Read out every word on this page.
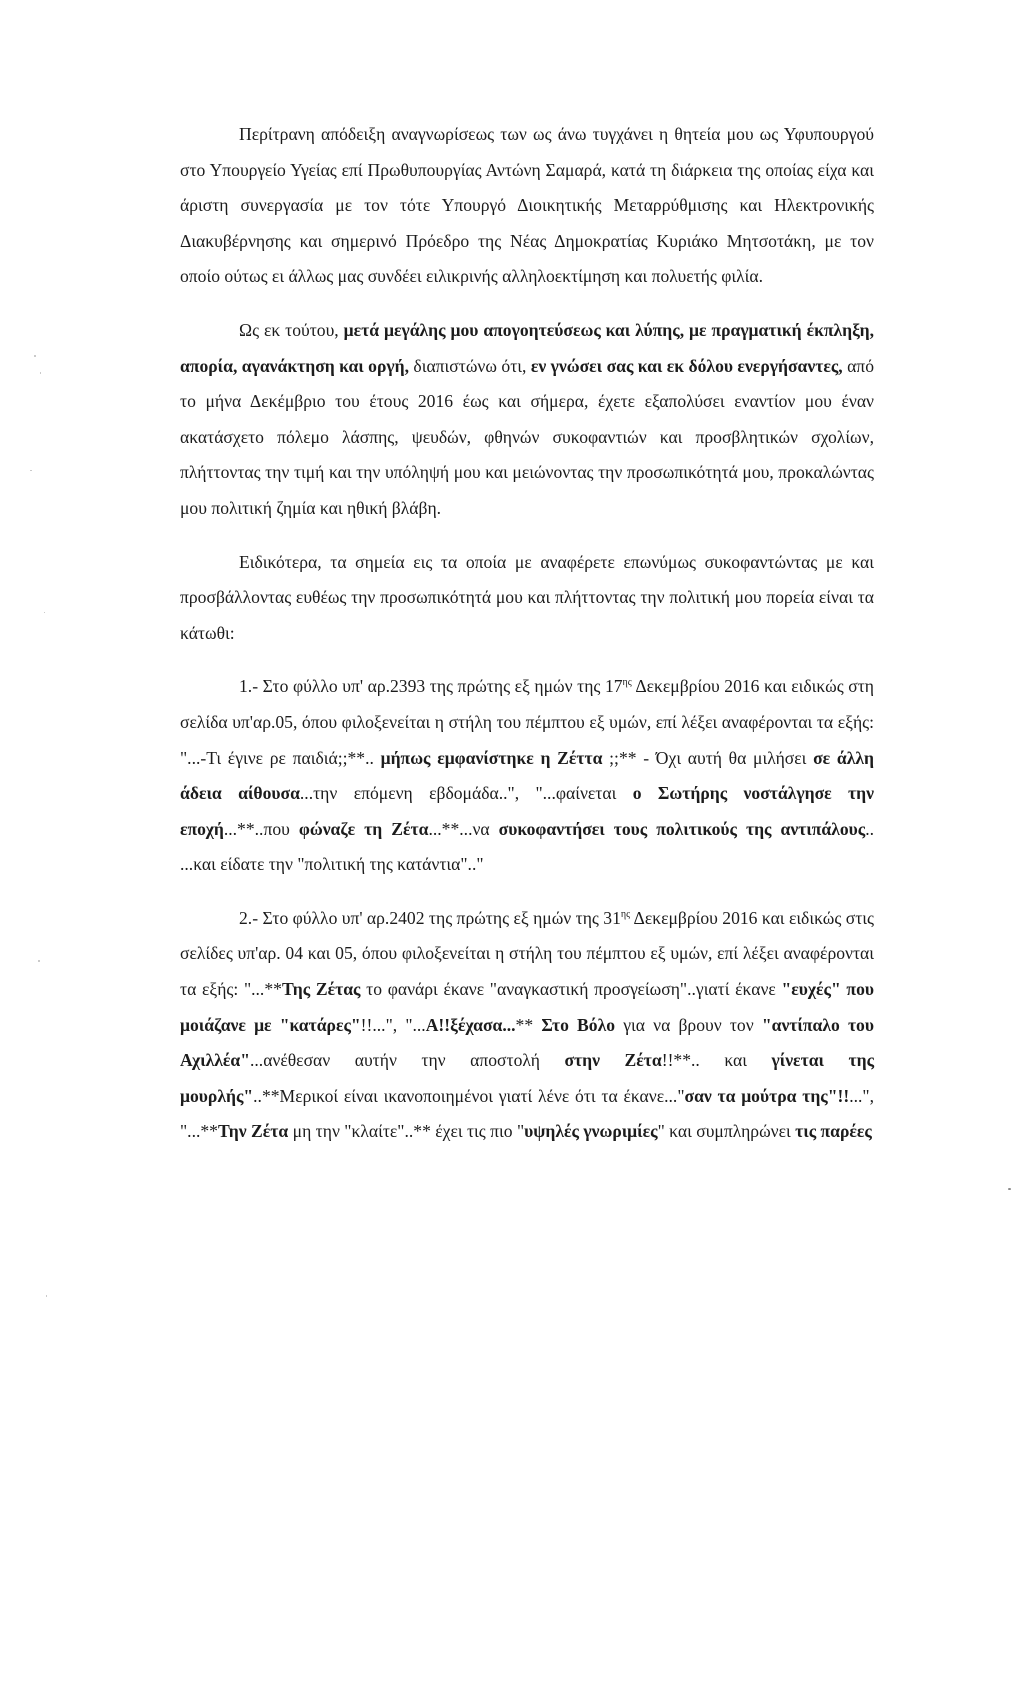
Περίτρανη απόδειξη αναγνωρίσεως των ως άνω τυγχάνει η θητεία μου ως Υφυπουργού στο Υπουργείο Υγείας επί Πρωθυπουργίας Αντώνη Σαμαρά, κατά τη διάρκεια της οποίας είχα και άριστη συνεργασία με τον τότε Υπουργό Διοικητικής Μεταρρύθμισης και Ηλεκτρονικής Διακυβέρνησης και σημερινό Πρόεδρο της Νέας Δημοκρατίας Κυριάκο Μητσοτάκη, με τον οποίο ούτως ει άλλως μας συνδέει ειλικρινής αλληλοεκτίμηση και πολυετής φιλία.

Ως εκ τούτου, μετά μεγάλης μου απογοητεύσεως και λύπης, με πραγματική έκπληξη, απορία, αγανάκτηση και οργή, διαπιστώνω ότι, εν γνώσει σας και εκ δόλου ενεργήσαντες, από το μήνα Δεκέμβριο του έτους 2016 έως και σήμερα, έχετε εξαπολύσει εναντίον μου έναν ακατάσχετο πόλεμο λάσπης, ψευδών, φθηνών συκοφαντιών και προσβλητικών σχολίων, πλήττοντας την τιμή και την υπόληψή μου και μειώνοντας την προσωπικότητά μου, προκαλώντας μου πολιτική ζημία και ηθική βλάβη.

Ειδικότερα, τα σημεία εις τα οποία με αναφέρετε επωνύμως συκοφαντώντας με και προσβάλλοντας ευθέως την προσωπικότητά μου και πλήττοντας την πολιτική μου πορεία είναι τα κάτωθι:

1.- Στο φύλλο υπ' αρ.2393 της πρώτης εξ ημών της $17^{\eta\varsigma}$ Δεκεμβρίου 2016 και ειδικώς στη σελίδα υπ'αρ.05, όπου φιλοξενείται η στήλη του πέμπτου εξ υμών, επί λέξει αναφέρονται τα εξής: "...-Τι έγινε ρε παιδιά;;**.. μήπως εμφανίστηκε η Ζέττα ;;** - Όχι αυτή θα μιλήσει σε άλλη άδεια αίθουσα...την επόμενη εβδομάδα..", "...φαίνεται ο Σωτήρης νοστάλγησε την εποχή...**..που φώναζε τη Ζέτα...**...να συκοφαντήσει τους πολιτικούς της αντιπάλους.. ...και είδατε την "πολιτική της κατάντια".."

2.- Στο φύλλο υπ' αρ.2402 της πρώτης εξ ημών της $31^{\eta\varsigma}$ Δεκεμβρίου 2016 και ειδικώς στις σελίδες υπ'αρ. 04 και 05, όπου φιλοξενείται η στήλη του πέμπτου εξ υμών, επί λέξει αναφέρονται τα εξής: "...**Της Ζέτας το φανάρι έκανε "αναγκαστική προσγείωση"..γιατί έκανε "ευχές" που μοιάζανε με "κατάρες"!!...", "...Α!!ξέχασα...** Στο Βόλο για να βρουν τον "αντίπαλο του Αχιλλέα"...ανέθεσαν αυτήν την αποστολή στην Ζέτα!!**.. και γίνεται της μουρλής"..**Μερικοί είναι ικανοποιημένοι γιατί λένε ότι τα έκανε..."σαν τα μούτρα της"!!...", "...**Την Ζέτα μη την "κλαίτε"..** έχει τις πιο "υψηλές γνωριμίες" και συμπληρώνει τις παρέες
